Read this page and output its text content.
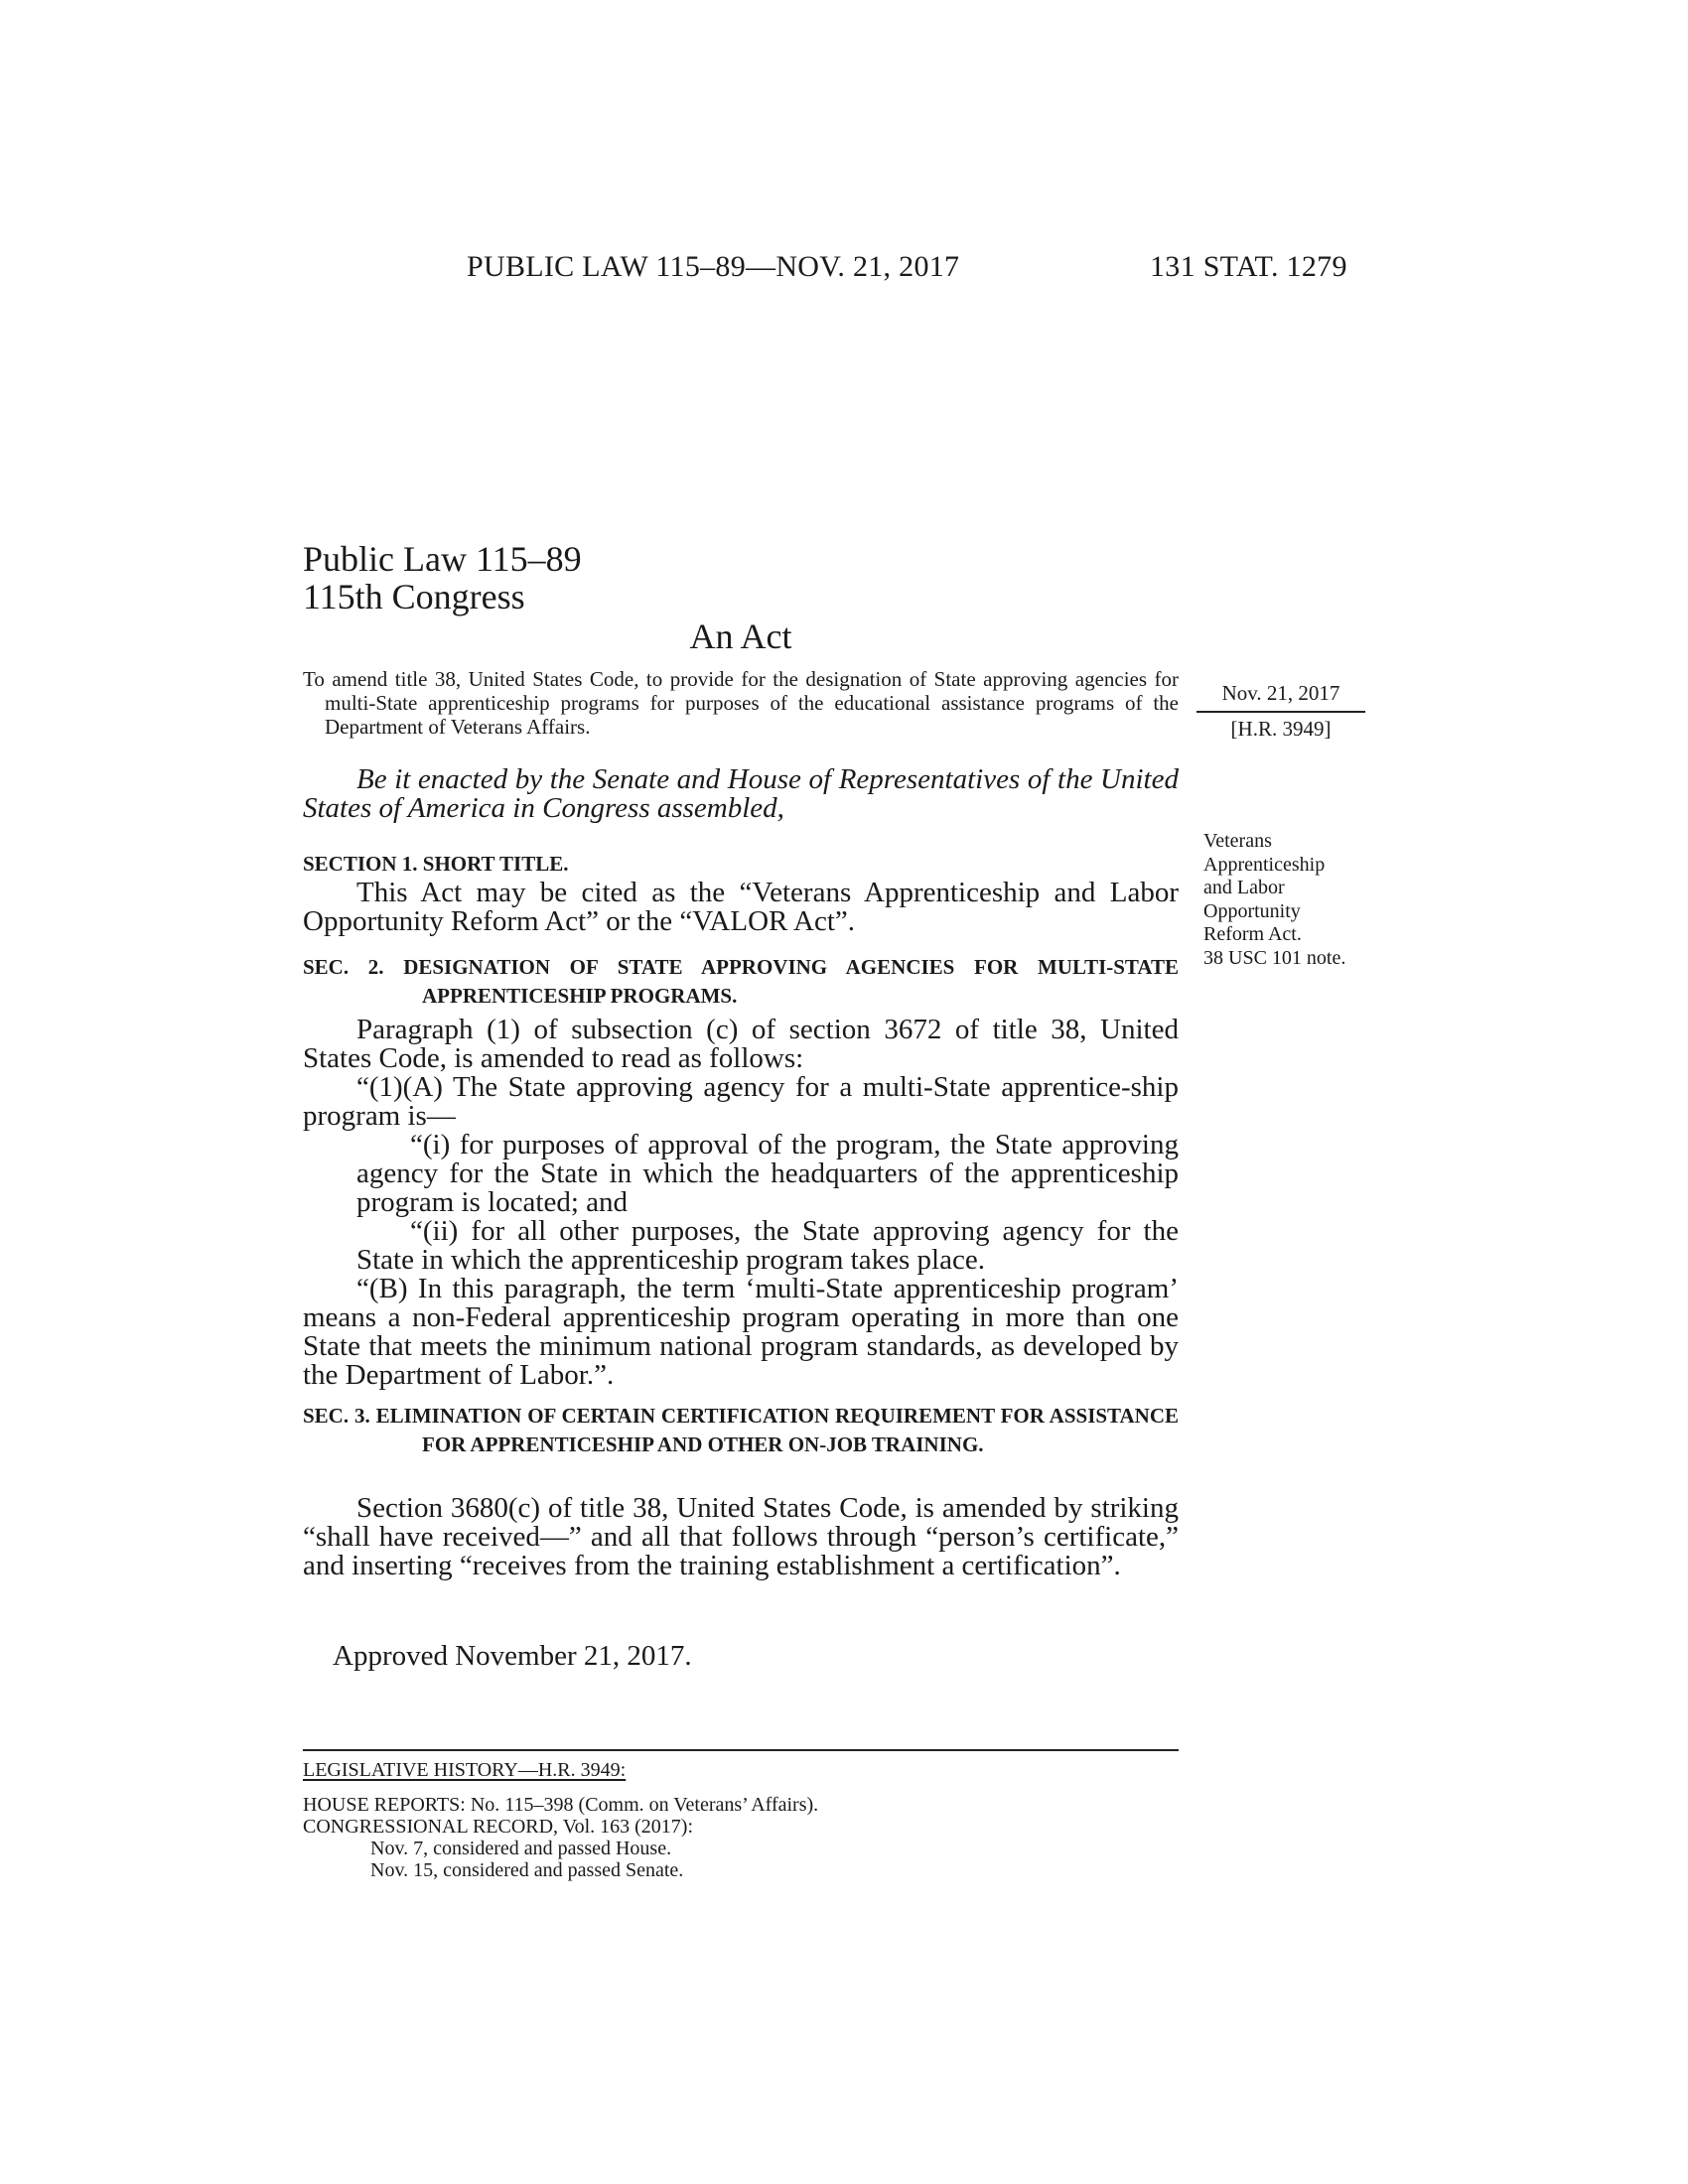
PUBLIC LAW 115–89—NOV. 21, 2017	131 STAT. 1279
Public Law 115–89
115th Congress
An Act
To amend title 38, United States Code, to provide for the designation of State approving agencies for multi-State apprenticeship programs for purposes of the educational assistance programs of the Department of Veterans Affairs.
Nov. 21, 2017
[H.R. 3949]
Veterans
Apprenticeship
and Labor
Opportunity
Reform Act.
38 USC 101 note.
Be it enacted by the Senate and House of Representatives of the United States of America in Congress assembled,
SECTION 1. SHORT TITLE.
This Act may be cited as the “Veterans Apprenticeship and Labor Opportunity Reform Act” or the “VALOR Act”.
SEC. 2. DESIGNATION OF STATE APPROVING AGENCIES FOR MULTI-STATE APPRENTICESHIP PROGRAMS.
Paragraph (1) of subsection (c) of section 3672 of title 38, United States Code, is amended to read as follows:
“(1)(A) The State approving agency for a multi-State apprentice-ship program is—
“(i) for purposes of approval of the program, the State approving agency for the State in which the headquarters of the apprenticeship program is located; and
“(ii) for all other purposes, the State approving agency for the State in which the apprenticeship program takes place.
“(B) In this paragraph, the term ‘multi-State apprenticeship program’ means a non-Federal apprenticeship program operating in more than one State that meets the minimum national program standards, as developed by the Department of Labor.”.
SEC. 3. ELIMINATION OF CERTAIN CERTIFICATION REQUIREMENT FOR ASSISTANCE FOR APPRENTICESHIP AND OTHER ON-JOB TRAINING.
Section 3680(c) of title 38, United States Code, is amended by striking “shall have received—” and all that follows through “person’s certificate,” and inserting “receives from the training establishment a certification”.
Approved November 21, 2017.
LEGISLATIVE HISTORY—H.R. 3949:
HOUSE REPORTS: No. 115–398 (Comm. on Veterans’ Affairs).
CONGRESSIONAL RECORD, Vol. 163 (2017):
Nov. 7, considered and passed House.
Nov. 15, considered and passed Senate.
